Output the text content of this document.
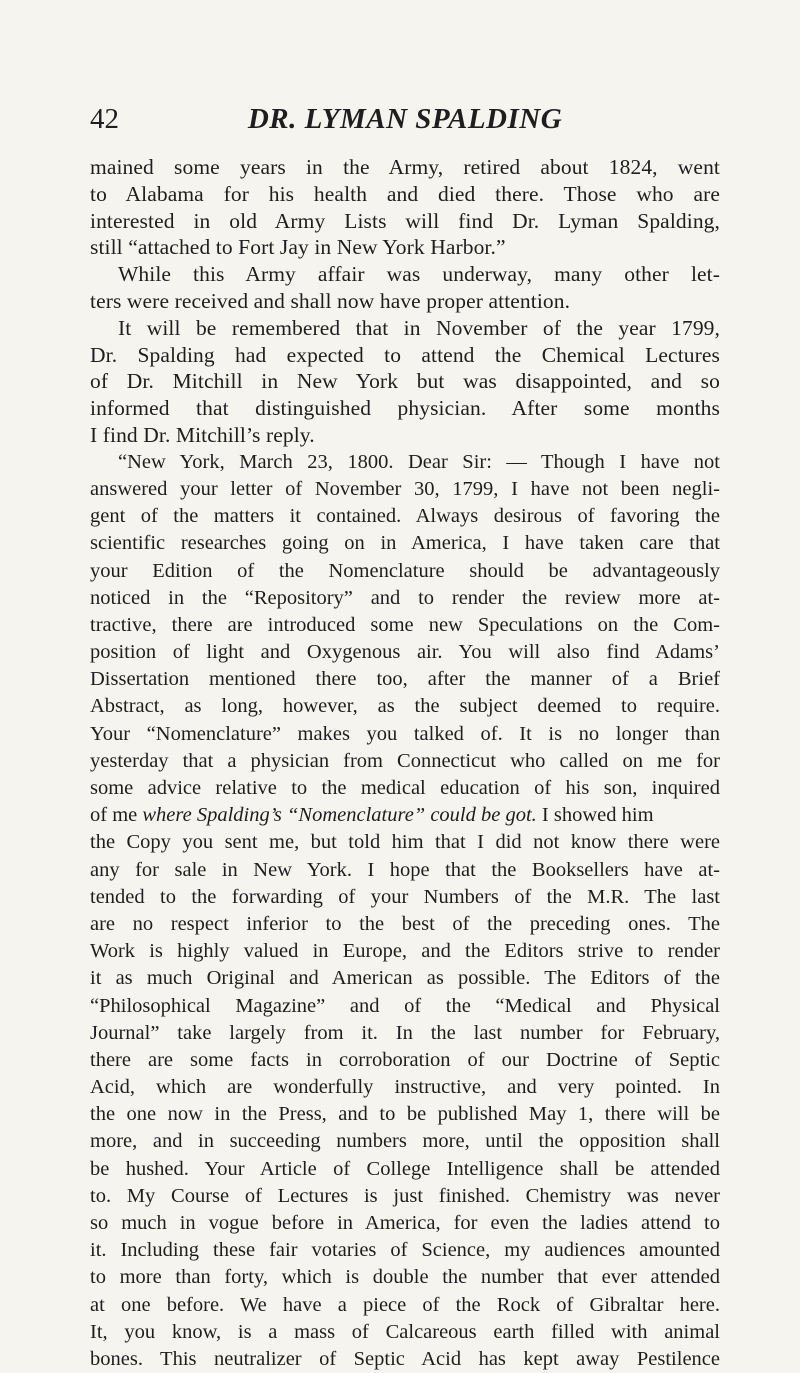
42	DR. LYMAN SPALDING
mained some years in the Army, retired about 1824, went
to Alabama for his health and died there. Those who are
interested in old Army Lists will find Dr. Lyman Spalding,
still “attached to Fort Jay in New York Harbor.”
While this Army affair was underway, many other let-
ters were received and shall now have proper attention.
It will be remembered that in November of the year 1799,
Dr. Spalding had expected to attend the Chemical Lectures
of Dr. Mitchill in New York but was disappointed, and so
informed that distinguished physician. After some months
I find Dr. Mitchill’s reply.
“New York, March 23, 1800. Dear Sir: — Though I have not
answered your letter of November 30, 1799, I have not been negli-
gent of the matters it contained. Always desirous of favoring the
scientific researches going on in America, I have taken care that
your Edition of the Nomenclature should be advantageously
noticed in the “Repository” and to render the review more at-
tractive, there are introduced some new Speculations on the Com-
position of light and Oxygenous air. You will also find Adams’
Dissertation mentioned there too, after the manner of a Brief
Abstract, as long, however, as the subject deemed to require.
Your “Nomenclature” makes you talked of. It is no longer than
yesterday that a physician from Connecticut who called on me for
some advice relative to the medical education of his son, inquired
of me where Spalding’s “Nomenclature” could be got. I showed him
the Copy you sent me, but told him that I did not know there were
any for sale in New York. I hope that the Booksellers have at-
tended to the forwarding of your Numbers of the M.R. The last
are no respect inferior to the best of the preceding ones. The
Work is highly valued in Europe, and the Editors strive to render
it as much Original and American as possible. The Editors of the
“Philosophical Magazine” and of the “Medical and Physical
Journal” take largely from it. In the last number for February,
there are some facts in corroboration of our Doctrine of Septic
Acid, which are wonderfully instructive, and very pointed. In
the one now in the Press, and to be published May 1, there will be
more, and in succeeding numbers more, until the opposition shall
be hushed. Your Article of College Intelligence shall be attended
to. My Course of Lectures is just finished. Chemistry was never
so much in vogue before in America, for even the ladies attend to
it. Including these fair votaries of Science, my audiences amounted
to more than forty, which is double the number that ever attended
at one before. We have a piece of the Rock of Gibraltar here.
It, you know, is a mass of Calcareous earth filled with animal
bones. This neutralizer of Septic Acid has kept away Pestilence
